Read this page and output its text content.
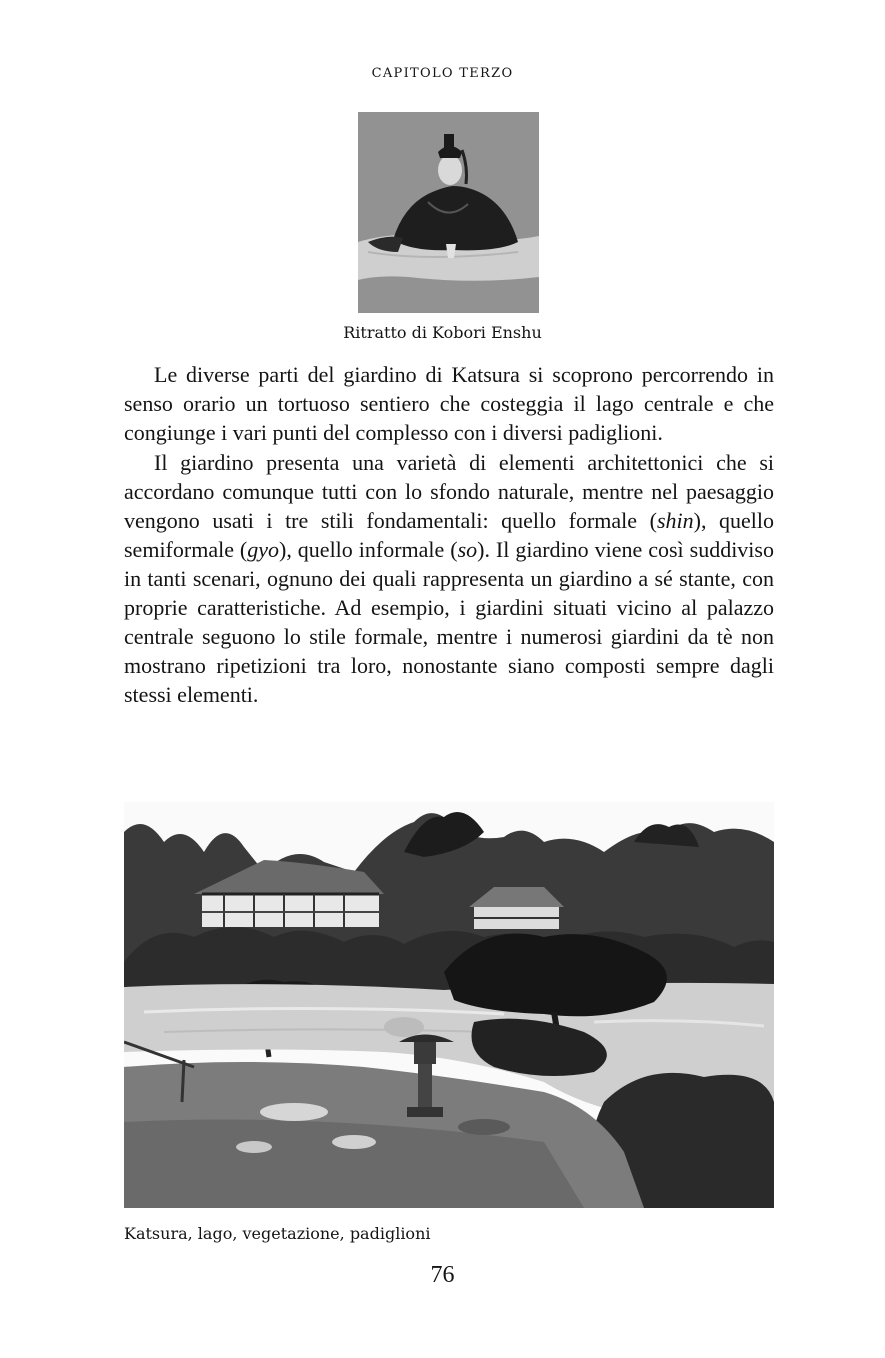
CAPITOLO TERZO
Ritratto di Kobori Enshu

Le diverse parti del giardino di Katsura si scoprono percorrendo in senso orario un tortuoso sentiero che costeggia il lago centrale e che congiunge i vari punti del complesso con i diversi padiglioni.

Il giardino presenta una varietà di elementi architettonici che si accordano comunque tutti con lo sfondo naturale, mentre nel paesaggio vengono usati i tre stili fondamentali: quello formale (shin), quello semiformale (gyo), quello informale (so). Il giardino viene così suddiviso in tanti scenari, ognuno dei quali rappresenta un giardino a sé stante, con proprie caratteristiche. Ad esempio, i giardini situati vicino al palazzo centrale seguono lo stile formale, mentre i numerosi giardini da tè non mostrano ripetizioni tra loro, nonostante siano composti sempre dagli stessi elementi.

Katsura, lago, vegetazione, padiglioni
76
